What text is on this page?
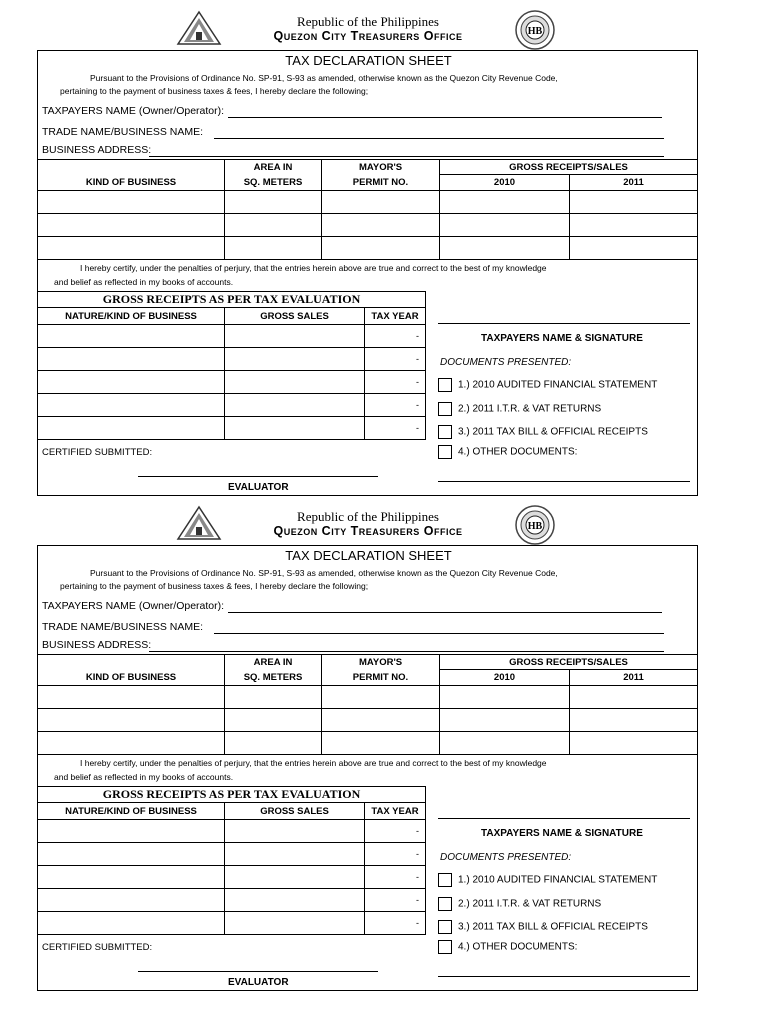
HB
Republic of the Philippines
Quezon City Treasurers Office
TAX DECLARATION SHEET
Pursuant to the Provisions of Ordinance No. SP-91, S-93 as amended, otherwise known as the Quezon City Revenue Code,
pertaining to the payment of business taxes & fees, I hereby declare the following;
TAXPAYERS NAME (Owner/Operator):
TRADE NAME/BUSINESS NAME:
BUSINESS ADDRESS:
KIND OF BUSINESS	AREA IN	MAYOR'S	GROSS RECEIPTS/SALES	
	SQ. METERS	PERMIT NO.	2010	2011

I hereby certify, under the penalties of perjury, that the entries herein above are true and correct to the best of my knowledge
and belief as reflected in my books of accounts.
GROSS RECEIPTS AS PER TAX EVALUATION		
NATURE/KIND OF BUSINESS	GROSS SALES	TAX YEAR
		-
		-
		-
		-
		-
CERTIFIED SUBMITTED:
EVALUATOR
TAXPAYERS NAME & SIGNATURE
DOCUMENTS PRESENTED:
1.) 2010 AUDITED FINANCIAL STATEMENT
2.) 2011 I.T.R. & VAT RETURNS
3.) 2011 TAX BILL & OFFICIAL RECEIPTS
4.) OTHER DOCUMENTS:
HB
Republic of the Philippines
Quezon City Treasurers Office
TAX DECLARATION SHEET
Pursuant to the Provisions of Ordinance No. SP-91, S-93 as amended, otherwise known as the Quezon City Revenue Code,
pertaining to the payment of business taxes & fees, I hereby declare the following;
TAXPAYERS NAME (Owner/Operator):
TRADE NAME/BUSINESS NAME:
BUSINESS ADDRESS:
KIND OF BUSINESS	AREA IN	MAYOR'S	GROSS RECEIPTS/SALES	
	SQ. METERS	PERMIT NO.	2010	2011

I hereby certify, under the penalties of perjury, that the entries herein above are true and correct to the best of my knowledge
and belief as reflected in my books of accounts.
GROSS RECEIPTS AS PER TAX EVALUATION		
NATURE/KIND OF BUSINESS	GROSS SALES	TAX YEAR
		-
		-
		-
		-
		-
CERTIFIED SUBMITTED:
EVALUATOR
TAXPAYERS NAME & SIGNATURE
DOCUMENTS PRESENTED:
1.) 2010 AUDITED FINANCIAL STATEMENT
2.) 2011 I.T.R. & VAT RETURNS
3.) 2011 TAX BILL & OFFICIAL RECEIPTS
4.) OTHER DOCUMENTS:
